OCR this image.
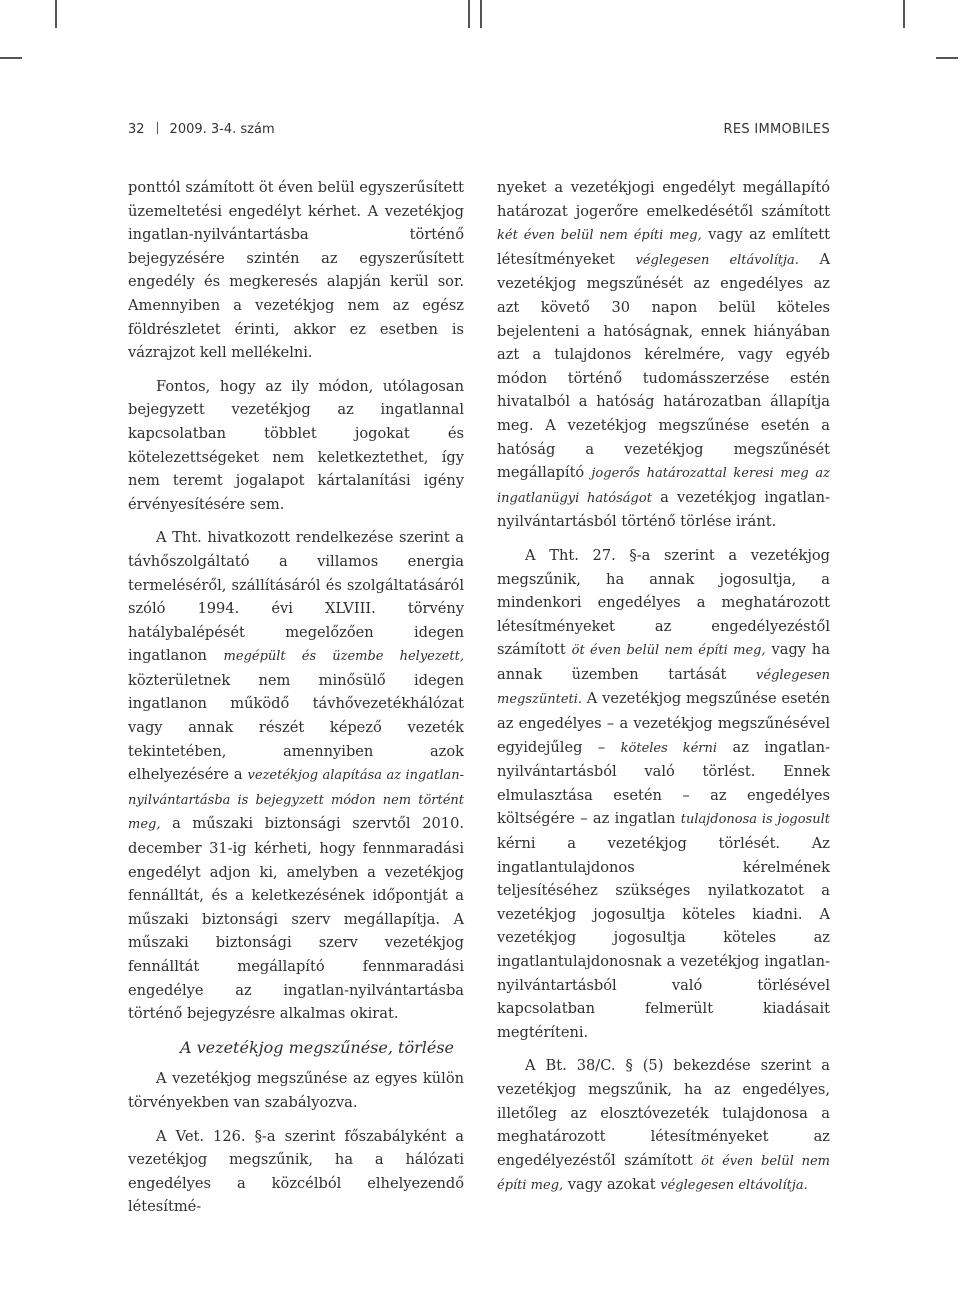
32 2009. 3-4. szám	RES IMMOBILES

ponttól számított öt éven belül egyszerűsített üzemeltetési engedélyt kérhet. A vezetékjog ingatlan-nyilvántartásba történő bejegyzésére szintén az egyszerűsített engedély és megkeresés alapján kerül sor. Amennyiben a vezetékjog nem az egész földrészletet érinti, akkor ez esetben is vázrajzot kell mellékelni.

Fontos, hogy az ily módon, utólagosan bejegyzett vezetékjog az ingatlannal kapcsolatban többlet jogokat és kötelezettségeket nem keletkeztethet, így nem teremt jogalapot kártalanítási igény érvényesítésére sem.

A Tht. hivatkozott rendelkezése szerint a távhőszolgáltató a villamos energia termeléséről, szállításáról és szolgáltatásáról szóló 1994. évi XLVIII. törvény hatálybalépését megelőzően idegen ingatlanon megépült és üzembe helyezett, közterületnek nem minősülő idegen ingatlanon működő távhővezetékhálózat vagy annak részét képező vezeték tekintetében, amennyiben azok elhelyezésére a vezetékjog alapítása az ingatlan-nyilvántartásba is bejegyzett módon nem történt meg, a műszaki biztonsági szervtől 2010. december 31-ig kérheti, hogy fennmaradási engedélyt adjon ki, amelyben a vezetékjog fennálltát, és a keletkezésének időpontját a műszaki biztonsági szerv megállapítja. A műszaki biztonsági szerv vezetékjog fennálltát megállapító fennmaradási engedélye az ingatlan-nyilvántartásba történő bejegyzésre alkalmas okirat.

A vezetékjog megszűnése, törlése

A vezetékjog megszűnése az egyes külön törvényekben van szabályozva.

A Vet. 126. §-a szerint főszabályként a vezetékjog megszűnik, ha a hálózati engedélyes a közcélból elhelyezendő létesítmé-

nyeket a vezetékjogi engedélyt megállapító határozat jogerőre emelkedésétől számított két éven belül nem építi meg, vagy az említett létesítményeket véglegesen eltávolítja. A vezetékjog megszűnését az engedélyes az azt követő 30 napon belül köteles bejelenteni a hatóságnak, ennek hiányában azt a tulajdonos kérelmére, vagy egyéb módon történő tudomásszerzése estén hivatalból a hatóság határozatban állapítja meg. A vezetékjog megszűnése esetén a hatóság a vezetékjog megszűnését megállapító jogerős határozattal keresi meg az ingatlanügyi hatóságot a vezetékjog ingatlan-nyilvántartásból történő törlése iránt.

A Tht. 27. §-a szerint a vezetékjog megszűnik, ha annak jogosultja, a mindenkori engedélyes a meghatározott létesítményeket az engedélyezéstől számított öt éven belül nem építi meg, vagy ha annak üzemben tartását véglegesen megszünteti. A vezetékjog megszűnése esetén az engedélyes – a vezetékjog megszűnésével egyidejűleg – köteles kérni az ingatlan-nyilvántartásból való törlést. Ennek elmulasztása esetén – az engedélyes költségére – az ingatlan tulajdonosa is jogosult kérni a vezetékjog törlését. Az ingatlantulajdonos kérelmének teljesítéséhez szükséges nyilatkozatot a vezetékjog jogosultja köteles kiadni. A vezetékjog jogosultja köteles az ingatlantulajdonosnak a vezetékjog ingatlan-nyilvántartásból való törlésével kapcsolatban felmerült kiadásait megtéríteni.

A Bt. 38/C. § (5) bekezdése szerint a vezetékjog megszűnik, ha az engedélyes, illetőleg az elosztóvezeték tulajdonosa a meghatározott létesítményeket az engedélyezéstől számított öt éven belül nem építi meg, vagy azokat véglegesen eltávolítja.
